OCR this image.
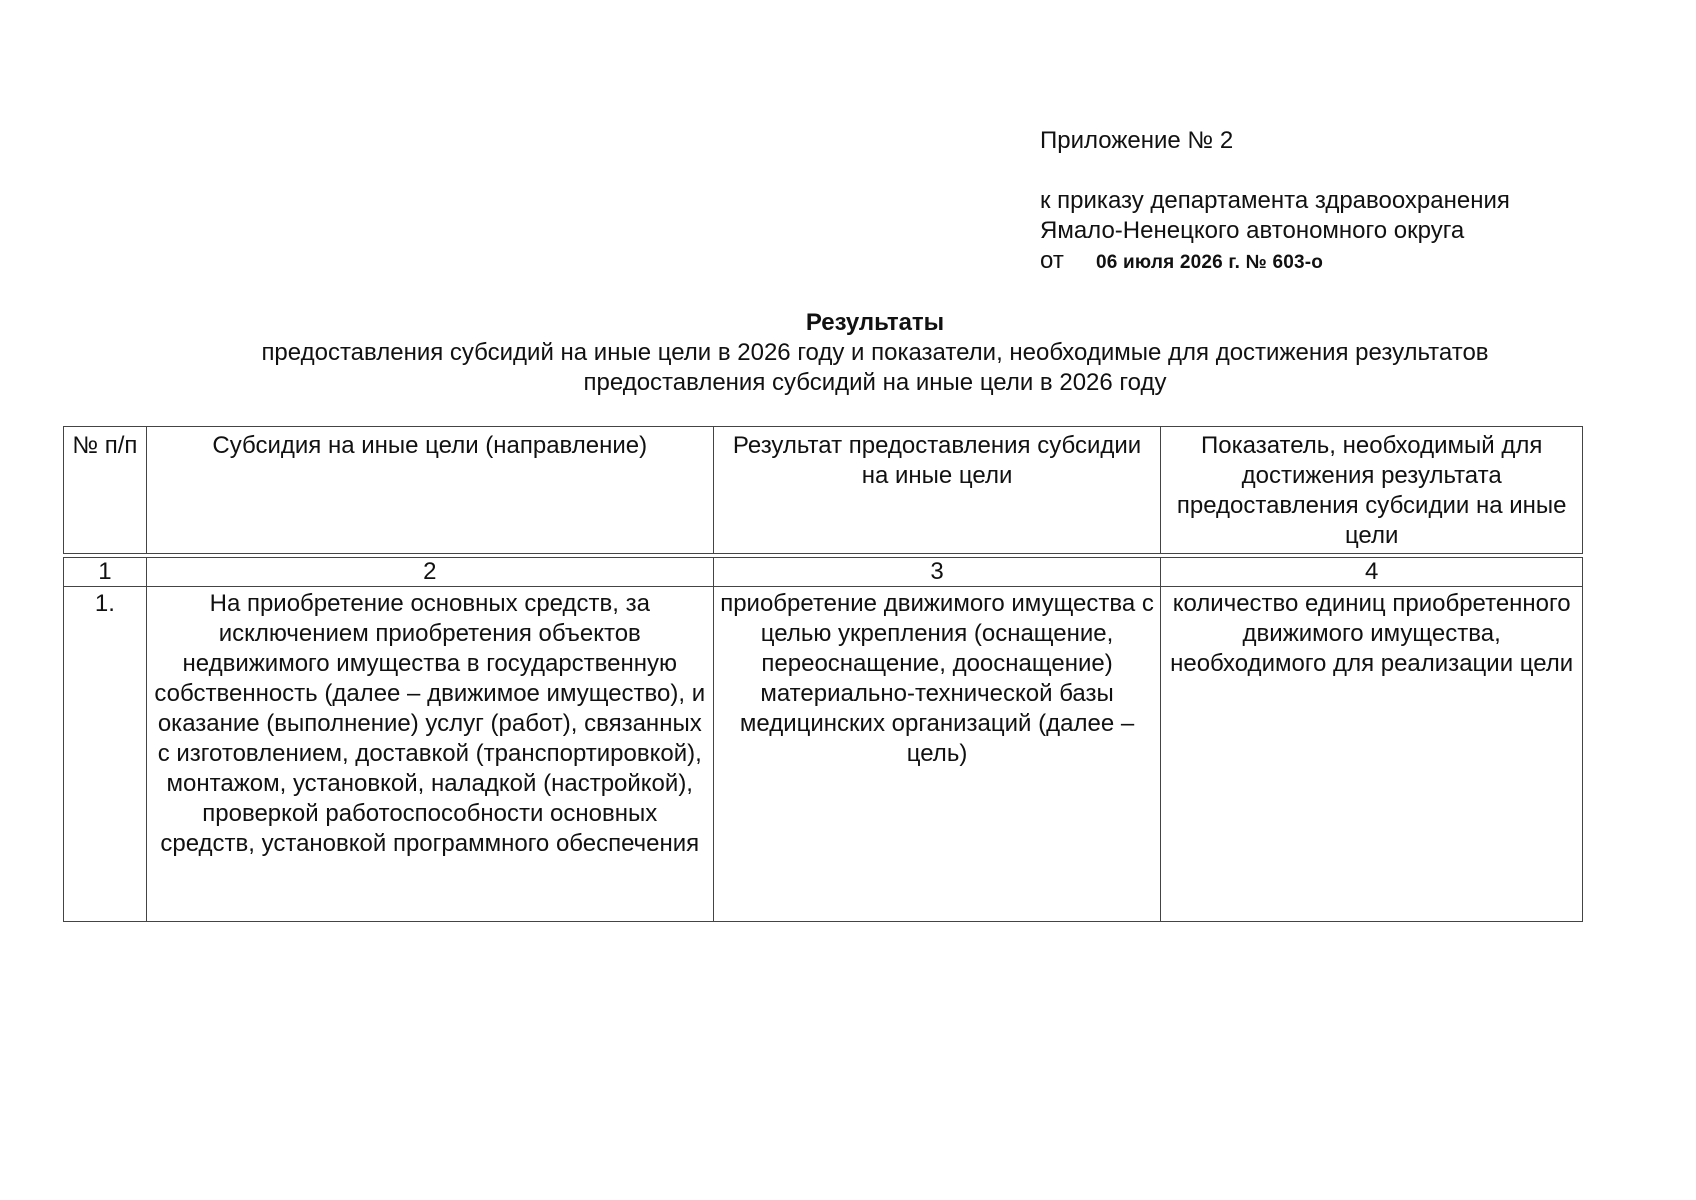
Приложение № 2
к приказу департамента здравоохранения
Ямало-Ненецкого автономного округа
от 06 июля 2026 г. № 603-о
Результаты
предоставления субсидий на иные цели в 2026 году и показатели, необходимые для достижения результатов
предоставления субсидий на иные цели в 2026 году
№ п/п	Субсидия на иные цели (направление)	Результат предоставления субсидии на иные цели	Показатель, необходимый для достижения результата предоставления субсидии на иные цели

1	2	3	4
1.	На приобретение основных средств, за исключением приобретения объектов недвижимого имущества в государственную собственность (далее – движимое имущество), и оказание (выполнение) услуг (работ), связанных с изготовлением, доставкой (транспортировкой), монтажом, установкой, наладкой (настройкой), проверкой работоспособности основных средств, установкой программного обеспечения	приобретение движимого имущества с целью укрепления (оснащение, переоснащение, дооснащение) материально-технической базы медицинских организаций (далее – цель)	количество единиц приобретенного движимого имущества, необходимого для реализации цели
